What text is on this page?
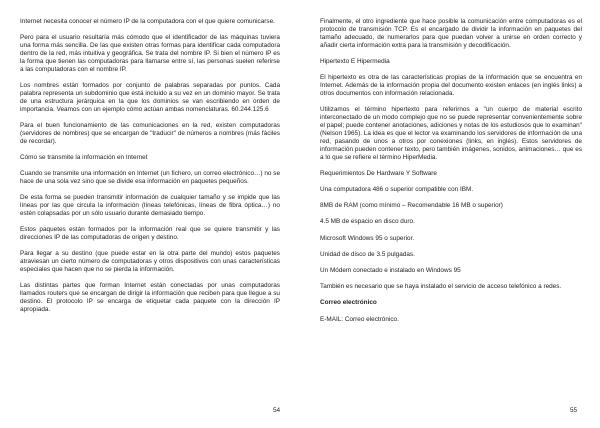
Internet necesita conocer el número IP de la computadora con el que quiere comunicarse.

Pero para el usuario resultaría más cómodo que el identificador de las máquinas tuviera una forma más sencilla. De las que existen otras formas para identificar cada computadora dentro de la red, más intuitiva y geográfica. Se trata del nombre IP. Si bien el número IP es la forma que tienen las computadoras para llamarse entre sí, las personas suelen referirse a las computadoras con el nombre IP.

Los nombres están formados por conjunto de palabras separadas por puntos. Cada palabra representa un subdominio que está incluido a su vez en un dominio mayor. Se trata de una estructura jerárquica en la que los dominios se van escribiendo en orden de importancia. Veamos con un ejemplo cómo actúan ambas nomenclaturas. 60.244.125.6

Para el buen funcionamiento de las comunicaciones en la red, existen computadoras (servidores de nombres) que se encargan de "traducir" de números a nombres (más fáciles de recordar).

Cómo se transmite la información en Internet

Cuando se transmite una información en Internet (un fichero, un correo electrónico…) no se hace de una sola vez sino que se divide esa información en paquetes pequeños.

De esta forma se pueden transmitir información de cualquier tamaño y se impide que las líneas por las que circula la información (líneas telefónicas, líneas de fibra óptica…) no estén colapsadas por un sólo usuario durante demasiado tiempo.

Estos paquetes están formados por la información real que se quiere transmitir y las direcciones IP de las computadoras de origen y destino.

Para llegar a su destino (que puede estar en la otra parte del mundo) estos paquetes atraviesan un cierto número de computadoras y otros dispositivos con unas características especiales que hacen que no se pierda la información.

Las distintas partes que forman Internet están conectadas por unas computadoras llamados routers que se encargan de dirigir la información que reciben para que llegue a su destino. El protocolo IP se encarga de etiquetar cada paquete con la dirección IP apropiada.

54

Finalmente, el otro ingrediente que hace posible la comunicación entre computadoras es el protocolo de transmisión TCP. Es el encargado de dividir la información en paquetes del tamaño adecuado, de numerarlos para que puedan volver a unirse en orden correcto y añadir cierta información extra para la transmisión y decodificación.

Hipertexto E Hipermedia

El hipertexto es otra de las características propias de la información que se encuentra en Internet. Además de la información propia del documento existen enlaces (en inglés links) a otros documentos con información relacionada.

Utilizamos el término hipertexto para referirnos a "un cuerpo de material escrito interconectado de un modo complejo que no se puede representar convenientemente sobre el papel; puede contener anotaciones, adiciones y notas de los estudiosos que lo examinan" (Nelson 1965). La idea es que el lector va examinando los servidores de información de una red, pasando de unos a otros por conexiones (links, en inglés). Estos servidores de información pueden contener texto, pero también imágenes, sonidos, animaciones… que es a lo que se refiere el término HiperMedia.

Requerimientos De Hardware Y Software

Una computadora 486 o superior compatible con IBM.

8MB de RAM (como mínimo – Recomendable 16 MB o superior)

4.5 MB de espacio en disco duro.

Microsoft Windows 95 o superior.

Unidad de disco de 3.5 pulgadas.

Un Módem conectado e instalado en Windows 95

También es necesario que se haya instalado el servicio de acceso telefónico a redes.

Correo electrónico

E-MAIL: Correo electrónico.

55
